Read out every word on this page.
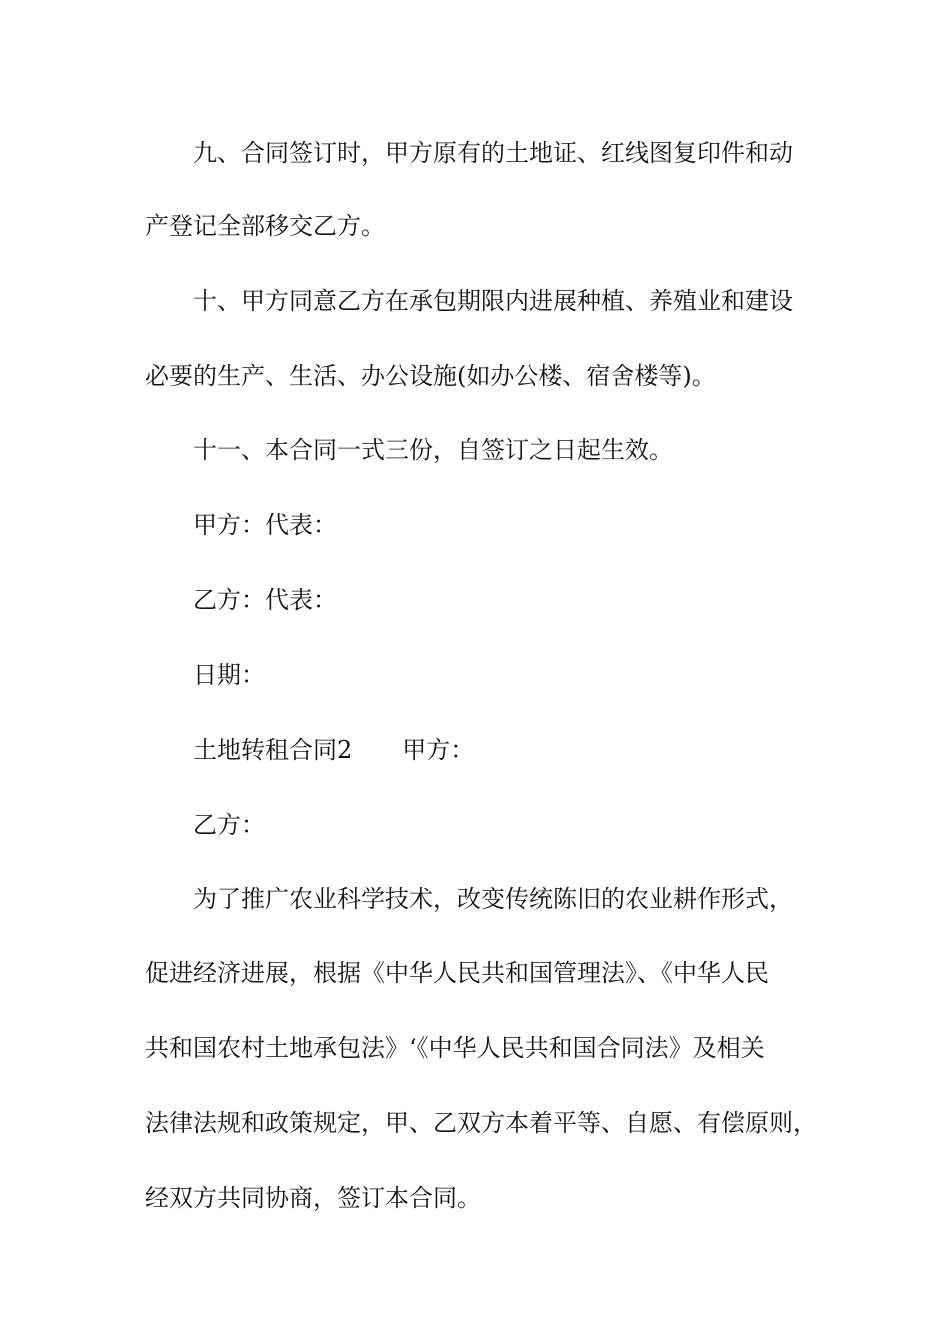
九、合同签订时，甲方原有的土地证、红线图复印件和动
产登记全部移交乙方。
十、甲方同意乙方在承包期限内进展种植、养殖业和建设
必要的生产、生活、办公设施(如办公楼、宿舍楼等)。
十一、本合同一式三份，自签订之日起生效。
甲方：代表：
乙方：代表：
日期：
土地转租合同2 甲方：
乙方：
为了推广农业科学技术，改变传统陈旧的农业耕作形式，
促进经济进展，根据《中华人民共和国管理法》、《中华人民
共和国农村土地承包法》‘《中华人民共和国合同法》及相关
法律法规和政策规定，甲、乙双方本着平等、自愿、有偿原则，
经双方共同协商，签订本合同。
